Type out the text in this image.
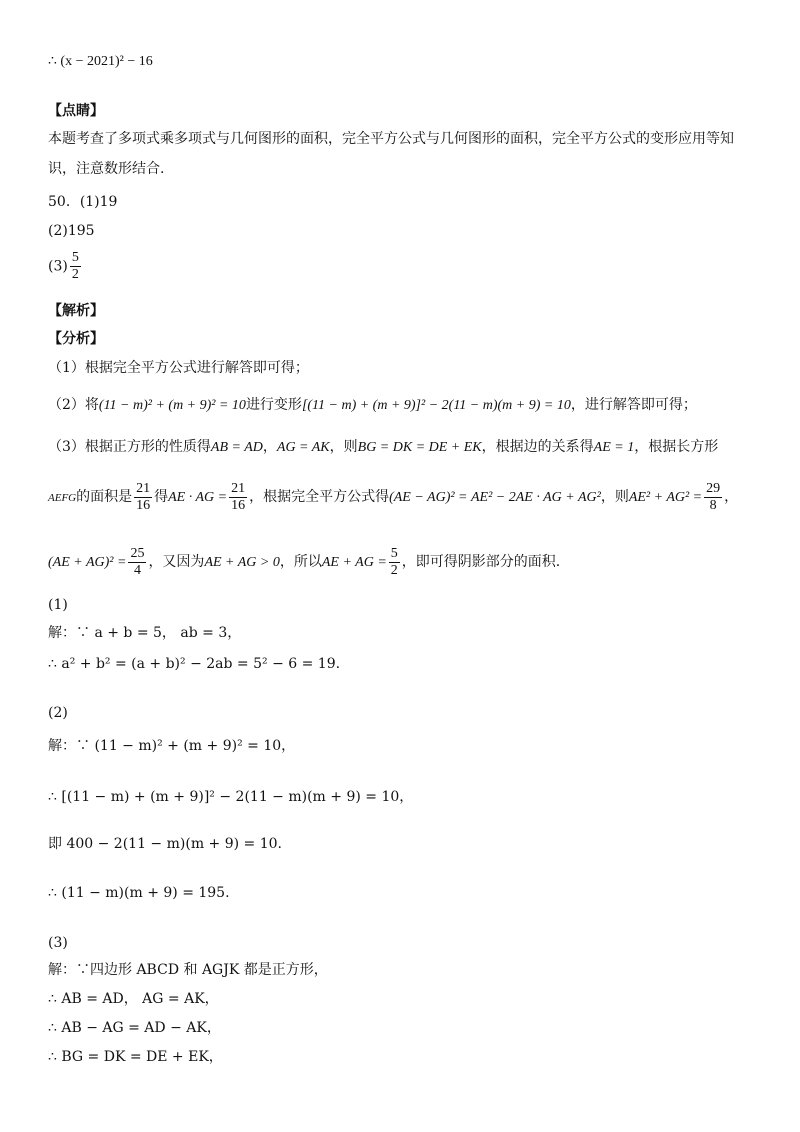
∴ (x − 2021)² − 16
【点睛】
本题考查了多项式乘多项式与几何图形的面积，完全平方公式与几何图形的面积，完全平方公式的变形应用等知
识，注意数形结合.
50．(1)19
(2)195
$(3) \frac{5}{2}$
【解析】
【分析】
（1）根据完全平方公式进行解答即可得；
（2）将(11 − m)² + (m + 9)² = 10进行变形[(11 − m) + (m + 9)]² − 2(11 − m)(m + 9) = 10，进行解答即可得；
（3）根据正方形的性质得AB = AD，AG = AK，则BG = DK = DE + EK，根据边的关系得AE = 1，根据长方形
AEFG的面积是 $\frac{21}{16}$ 得AE · AG = $\frac{21}{16}$ ，根据完全平方公式得(AE − AG)² = AE² − 2AE · AG + AG²，则$AE^2 + AG^2 = \frac{29}{8}$ ，
$(AE + AG)^2 = \frac{25}{4}$ ，又因为AE + AG > 0，所以AE + AG = $\frac{5}{2}$ ，即可得阴影部分的面积.
(1)
解：∵ a + b = 5， ab = 3，
∴ a² + b² = (a + b)² − 2ab = 5² − 6 = 19.
(2)
解：∵ (11 − m)² + (m + 9)² = 10，
∴ [(11 − m) + (m + 9)]² − 2(11 − m)(m + 9) = 10，
即 400 − 2(11 − m)(m + 9) = 10.
∴ (11 − m)(m + 9) = 195.
(3)
解：∵四边形 ABCD 和 AGJK 都是正方形，
∴ AB = AD， AG = AK，
∴ AB − AG = AD − AK，
∴ BG = DK = DE + EK，
